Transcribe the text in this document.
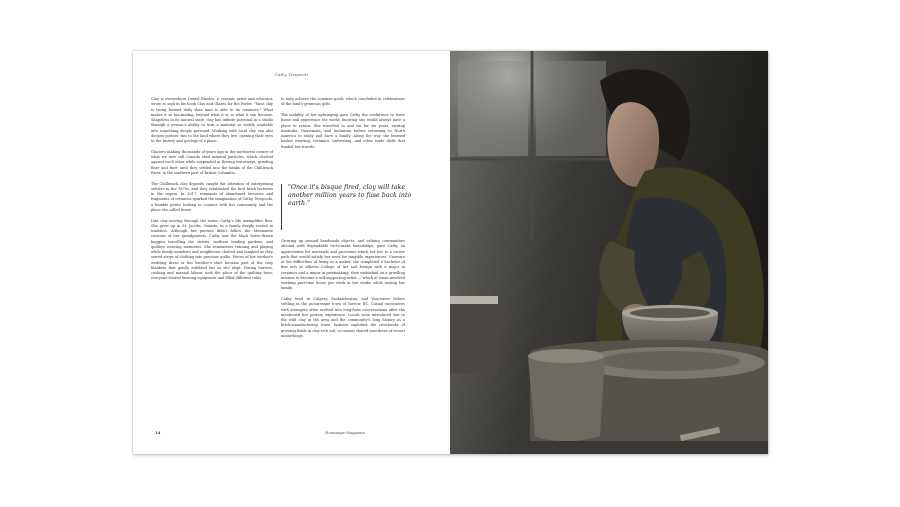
Cathy Terepocki

Clay is everywhere Daniel Rhodes, a ceramic artist and educator, wrote to sigh in his book Clay and Glazes for the Potter. "Most clay is being formed daily than man is able to do ceramics." What makes it so fascinating, beyond what it is, is what it can become. Shapeless in its natural state, clay has infinite potential in a studio through a person's ability to turn a material so widely available into something deeply personal. Working with local clay can also deepen potters' ties to the land where they live, opening their eyes to the history and geology of a place.

Glaciers making thousands of years ago in the northwest corner of what we now call Canada shed mineral particles, which charted against each other while suspended in flowing waterways, grinding finer and finer until they settled into the banks of the Chilliwack River, in the southern part of British Columbia.

The Chilliwack clay deposits caught the attention of enterprising settlers in the 1870s, and they established the first brick factories in the region. In 2017, remnants of abandoned factories and fragments of ceramics sparked the imagination of Cathy Terepocki, a humble potter looking to connect with her community and the place she called home.

Like clay moving through the water, Cathy's life exemplifies flow. She grew up in St. Jacobs, Ontario, in a family deeply rooted in tradition. Although her parents didn't follow the Mennonite customs of her grandparents, Cathy saw the black horse-drawn buggies travelling the streets, mothers tending gardens, and quilters weaving memories. She remembers running and playing while family members and neighbours chatted and laughed as they sewed strips of clothing into precious quilts. Pieces of her mother's wedding dress or her brother's shirt became part of the cozy blankets that gently enfolded her as she slept. During harvest, cooking and manual labour took the place of the quilting bees; everyone shared farming equipment and filled different roles

to help achieve the common goals, which concluded in celebrations of the land's generous gifts.

The stability of her upbringing gave Cathy the confidence to leave home and experience the world, knowing she would always have a place to return. She travelled to and fro for six years, visiting Australia, Guatemala, and Indonesia before returning to North America to study and have a family. Along the way she learned basket weaving, ceramics, harvesting, and other trade skills that funded her travels.

"Once it's bisque fired, clay will take another million years to fuse back into earth."

Growing up around handmade objects, and valuing communities abound with dependable tie-to-make friendships, gave Cathy an appreciation for materials and processes which led her to a career path that would satisfy her need for tangible experiences. Unaware of the difficulties of living as a maker, she completed a bachelor of fine arts at Alberta College of Art and Design with a major in ceramics and a minor in printmaking, then embarked on a gruelling mission to become a self-supporting artist — which at times involved working part-time hours per week in her studio while raising her family.

Cathy lived in Calgary, Saskatchewan, and Vancouver before settling in the picturesque town of Yarrow, BC. Casual encounters with strangers often evolved into long-form conversations after she mentioned her pottery experience. Locals soon introduced her to the wild clay in the area and the community's long history as a brick-manufacturing town: farmers exploited the riverbanks of growing fields in clay-rich soil, occasions shared anecdotes of recent unearthings.

14	Hommage Magazine
